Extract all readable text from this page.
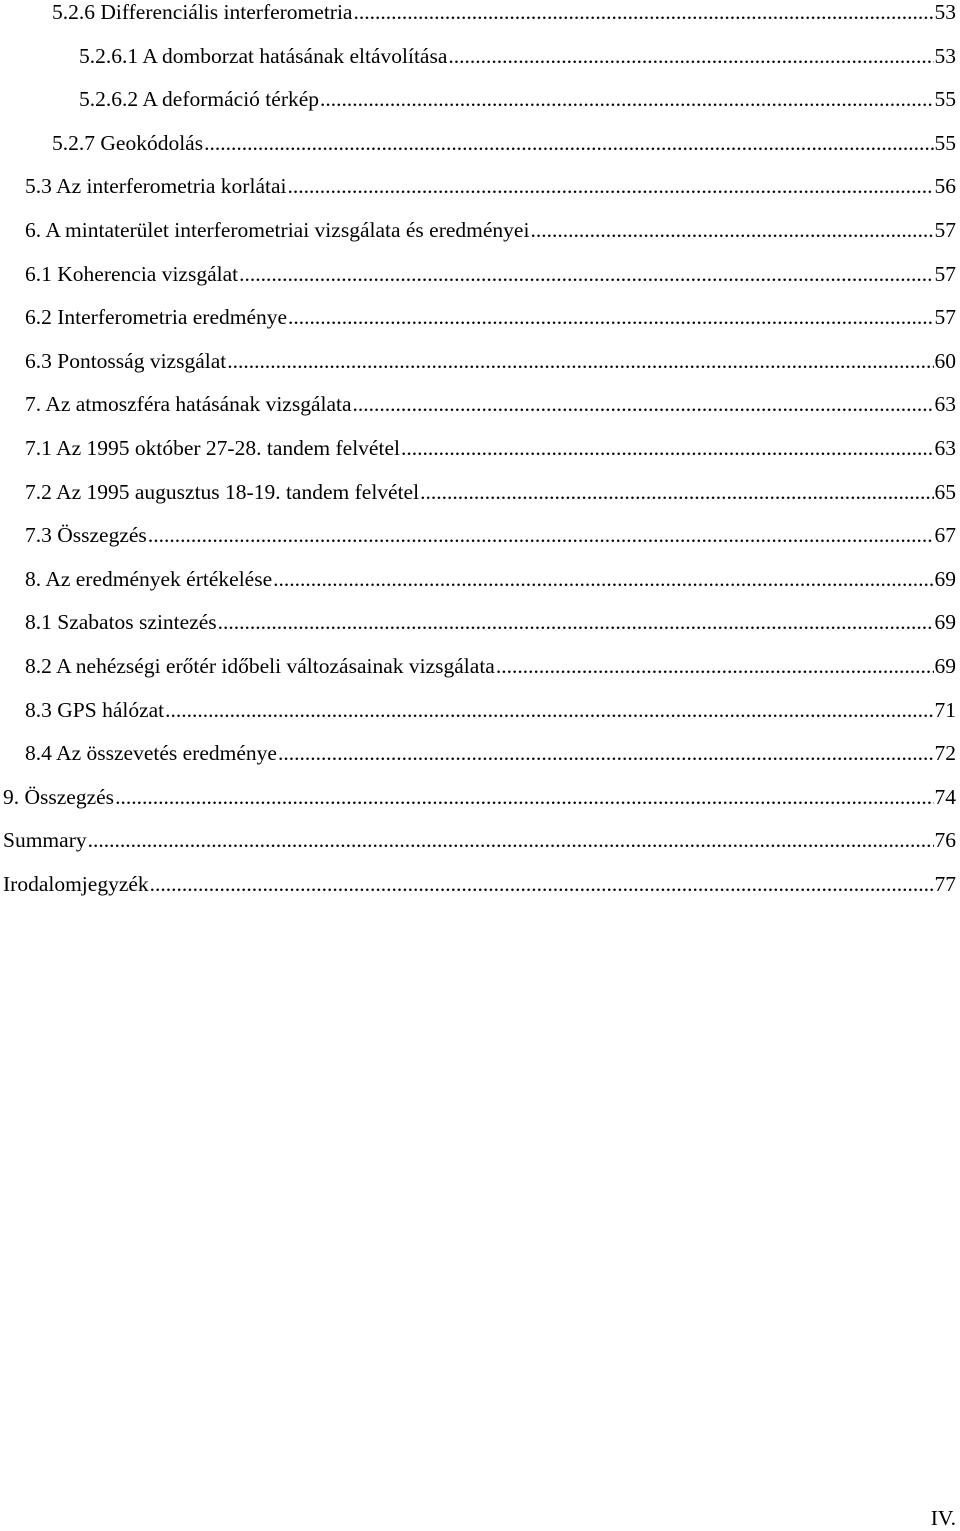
5.2.6 Differenciális interferometria .....	53
5.2.6.1 A domborzat hatásának eltávolítása .....	53
5.2.6.2 A deformáció térkép .....	55
5.2.7 Geokódolás .....	55
5.3 Az interferometria korlátai .....	56
6. A mintaterület interferometriai vizsgálata és eredményei .....	57
6.1 Koherencia vizsgálat .....	57
6.2 Interferometria eredménye .....	57
6.3 Pontosság vizsgálat .....	60
7. Az atmoszféra hatásának vizsgálata .....	63
7.1 Az 1995 október 27-28. tandem felvétel .....	63
7.2 Az 1995 augusztus 18-19. tandem felvétel .....	65
7.3 Összegzés .....	67
8. Az eredmények értékelése .....	69
8.1 Szabatos szintezés .....	69
8.2 A nehézségi erőtér időbeli változásainak vizsgálata .....	69
8.3 GPS hálózat .....	71
8.4 Az összevetés eredménye .....	72
9. Összegzés .....	74
Summary .....	76
Irodalomjegyzék .....	77
IV.
